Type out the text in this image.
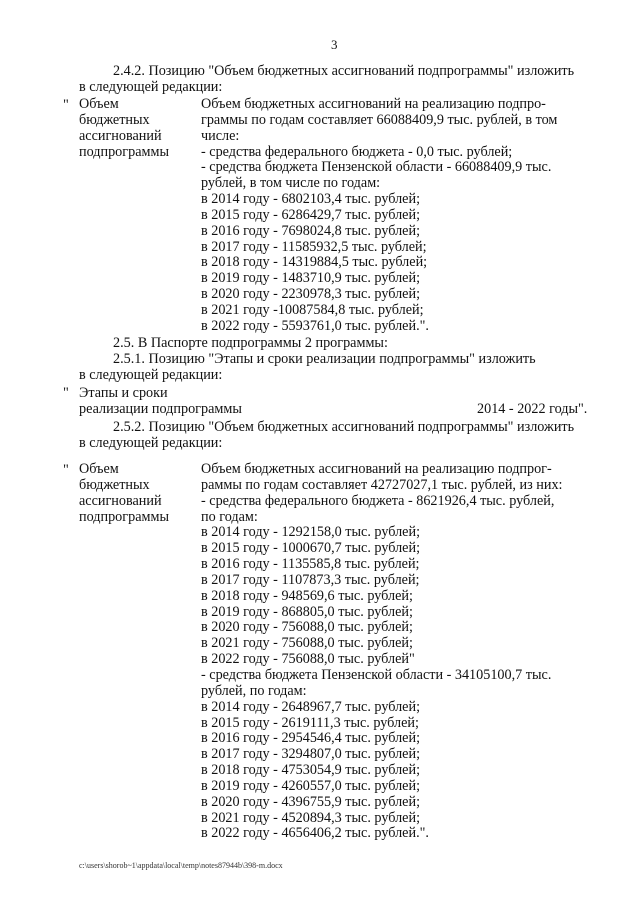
3
2.4.2. Позицию "Объем бюджетных ассигнований подпрограммы" изложить
в следующей редакции:
" Объем
бюджетных
ассигнований
подпрограммы
Объем бюджетных ассигнований на реализацию подпро-
граммы по годам составляет 66088409,9 тыс. рублей, в том
числе:
- средства федерального бюджета - 0,0 тыс. рублей;
- средства бюджета Пензенской области - 66088409,9 тыс.
рублей, в том числе по годам:
в 2014 году - 6802103,4 тыс. рублей;
в 2015 году - 6286429,7 тыс. рублей;
в 2016 году - 7698024,8 тыс. рублей;
в 2017 году - 11585932,5 тыс. рублей;
в 2018 году - 14319884,5 тыс. рублей;
в 2019 году - 1483710,9 тыс. рублей;
в 2020 году - 2230978,3 тыс. рублей;
в 2021 году -10087584,8 тыс. рублей;
в 2022 году - 5593761,0 тыс. рублей.".
2.5. В Паспорте подпрограммы 2 программы:
2.5.1. Позицию "Этапы и сроки реализации подпрограммы" изложить
в следующей редакции:
" Этапы и сроки
реализации подпрограммы	2014 - 2022 годы".
2.5.2. Позицию "Объем бюджетных ассигнований подпрограммы" изложить
в следующей редакции:
" Объем
бюджетных
ассигнований
подпрограммы
Объем бюджетных ассигнований на реализацию подпрог-
раммы по годам составляет 42727027,1 тыс. рублей, из них:
- средства федерального бюджета - 8621926,4 тыс. рублей,
по годам:
в 2014 году - 1292158,0 тыс. рублей;
в 2015 году - 1000670,7 тыс. рублей;
в 2016 году - 1135585,8 тыс. рублей;
в 2017 году - 1107873,3 тыс. рублей;
в 2018 году - 948569,6 тыс. рублей;
в 2019 году - 868805,0 тыс. рублей;
в 2020 году - 756088,0 тыс. рублей;
в 2021 году - 756088,0 тыс. рублей;
в 2022 году - 756088,0 тыс. рублей"
- средства бюджета Пензенской области - 34105100,7 тыс.
рублей, по годам:
в 2014 году - 2648967,7 тыс. рублей;
в 2015 году - 2619111,3 тыс. рублей;
в 2016 году - 2954546,4 тыс. рублей;
в 2017 году - 3294807,0 тыс. рублей;
в 2018 году - 4753054,9 тыс. рублей;
в 2019 году - 4260557,0 тыс. рублей;
в 2020 году - 4396755,9 тыс. рублей;
в 2021 году - 4520894,3 тыс. рублей;
в 2022 году - 4656406,2 тыс. рублей.".
c:\users\shorob~1\appdata\local\temp\notes87944b\398-m.docx
